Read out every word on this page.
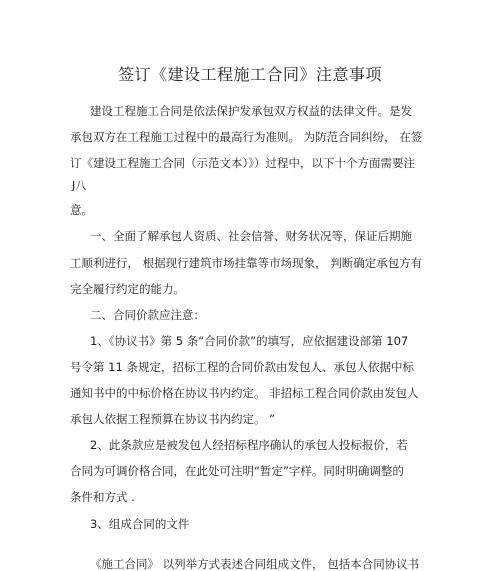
签订《建设工程施工合同》注意事项
建设工程施工合同是依法保护发承包双方权益的法律文件。是发
承包双方在工程施工过程中的最高行为准则。 为防范合同纠纷， 在签
订《建设工程施工合同（示范文本）》）过程中，以下十个方面需要注
J八
意。
一、全面了解承包人资质、社会信誉、财务状况等，保证后期施
工顺利进行， 根据现行建筑市场挂靠等市场现象， 判断确定承包方有
完全履行约定的能力。
二、合同价款应注意：
1、《协议书》第 5 条“合同价款”的填写，应依据建设部第 107
号令第 11 条规定，招标工程的合同价款由发包人、承包人依据中标
通知书中的中标价格在协议书内约定。 非招标工程合同价款由发包人
承包人依据工程预算在协议书内约定。 ”
2、此条款应是被发包人经招标程序确认的承包人投标报价，若
合同为可调价格合同，在此处可注明“暂定”字样。同时明确调整的
条件和方式 .
3、组成合同的文件
《施工合同》 以列举方式表述合同组成文件， 包括本合同协议书
